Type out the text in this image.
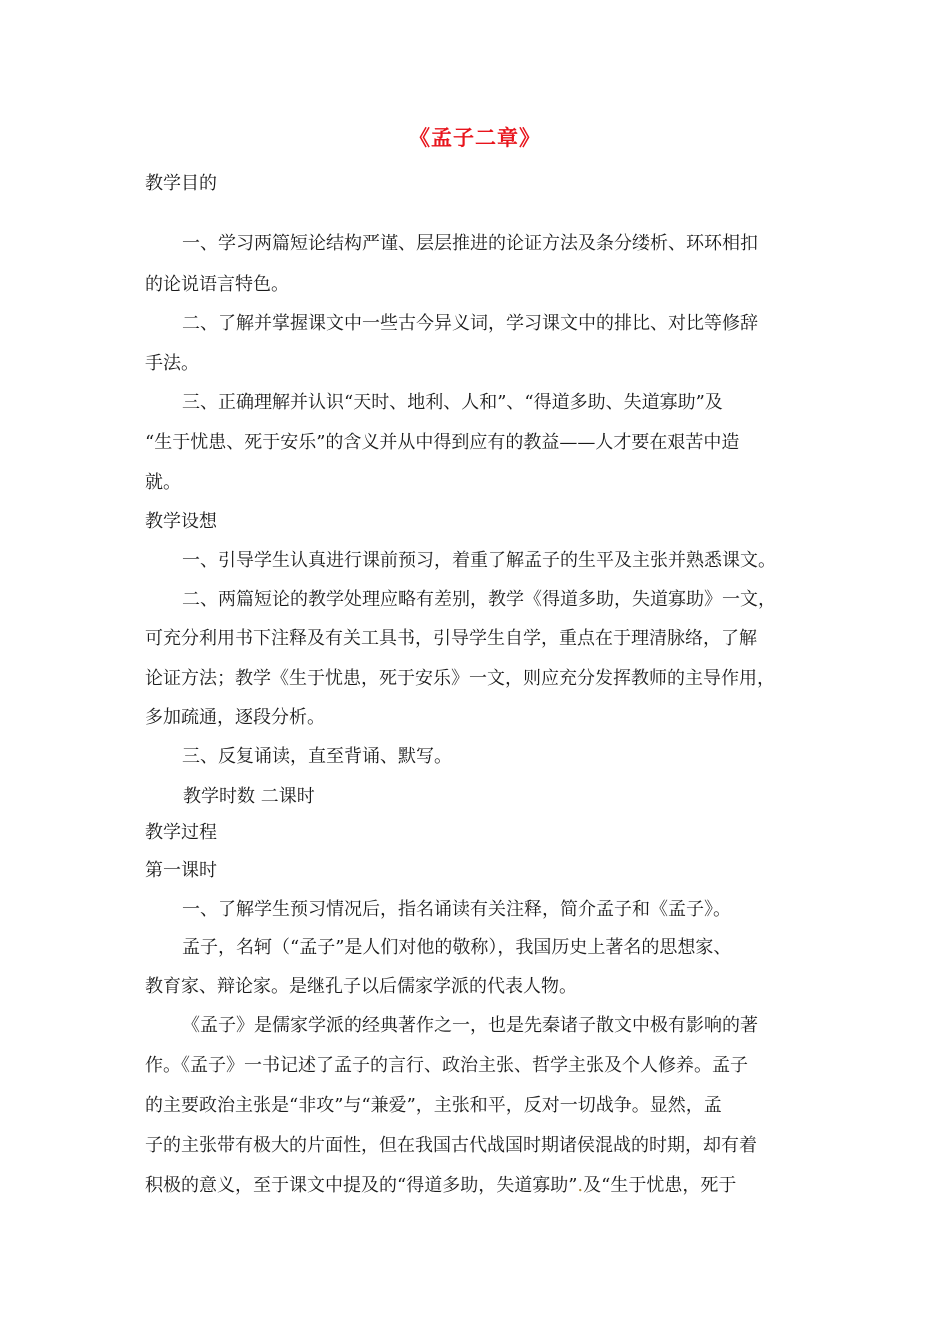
《孟子二章》
教学目的
一、学习两篇短论结构严谨、层层推进的论证方法及条分缕析、环环相扣
的论说语言特色。
二、了解并掌握课文中一些古今异义词，学习课文中的排比、对比等修辞
手法。
三、正确理解并认识“天时、地利、人和”、“得道多助、失道寡助”及
“生于忧患、死于安乐”的含义并从中得到应有的教益——人才要在艰苦中造
就。
教学设想
一、引导学生认真进行课前预习，着重了解孟子的生平及主张并熟悉课文。
二、两篇短论的教学处理应略有差别，教学《得道多助，失道寡助》一文，
可充分利用书下注释及有关工具书，引导学生自学，重点在于理清脉络，了解
论证方法；教学《生于忧患，死于安乐》一文，则应充分发挥教师的主导作用，
多加疏通，逐段分析。
三、反复诵读，直至背诵、默写。
教学时数 二课时
教学过程
第一课时
一、了解学生预习情况后，指名诵读有关注释，简介孟子和《孟子》。
孟子，名轲（“孟子”是人们对他的敬称），我国历史上著名的思想家、
教育家、辩论家。是继孔子以后儒家学派的代表人物。
《孟子》是儒家学派的经典著作之一，也是先秦诸子散文中极有影响的著
作。《孟子》一书记述了孟子的言行、政治主张、哲学主张及个人修养。孟子
的主要政治主张是“非攻”与“兼爱”，主张和平，反对一切战争。显然，孟
子的主张带有极大的片面性，但在我国古代战国时期诸侯混战的时期，却有着
积极的意义，至于课文中提及的“得道多助，失道寡助”.及“生于忧患，死于
